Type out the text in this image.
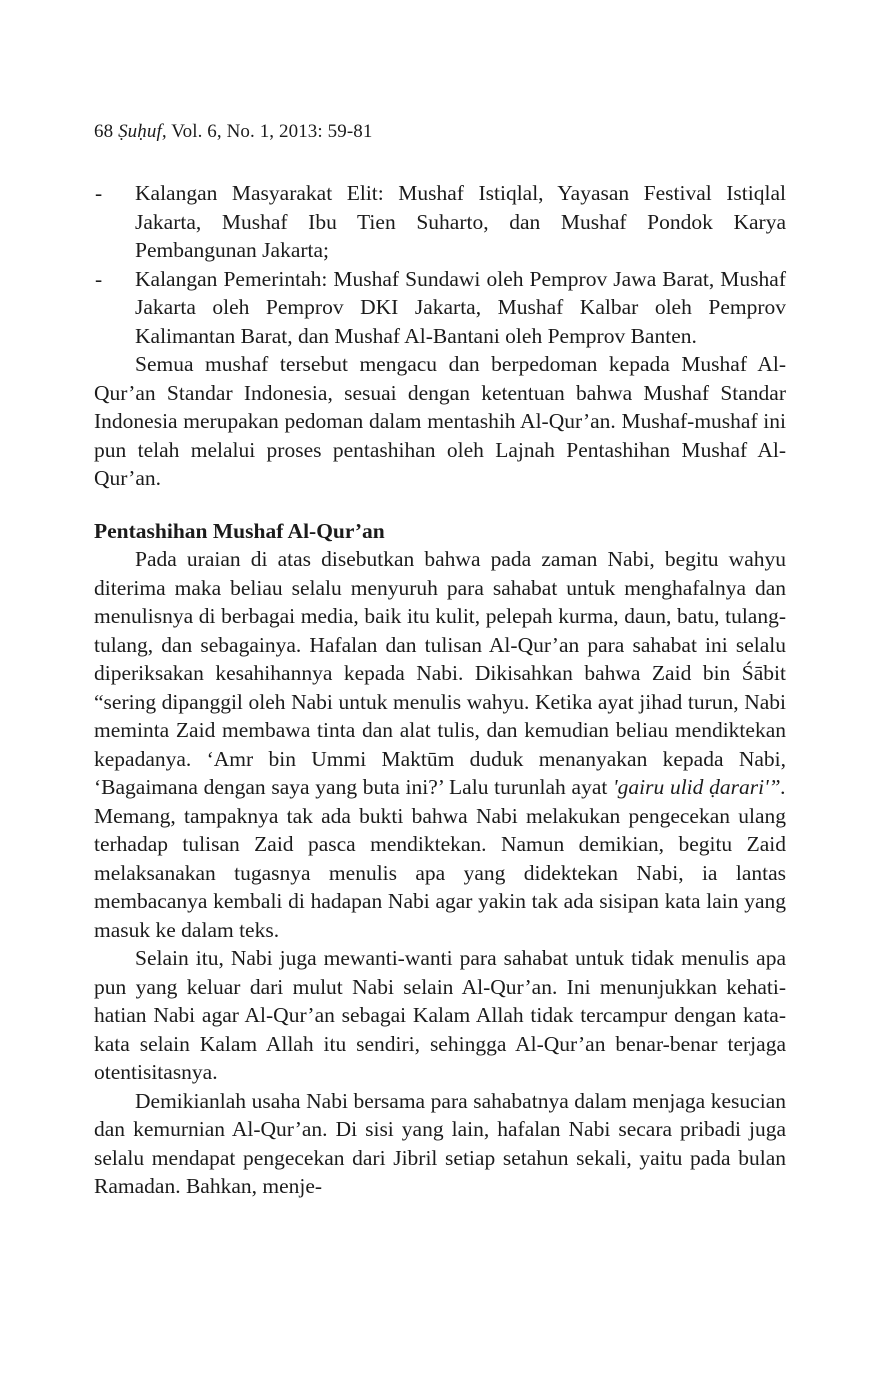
68 Ṣuḥuf, Vol. 6, No. 1, 2013: 59-81
- Kalangan Masyarakat Elit: Mushaf Istiqlal, Yayasan Festival Istiqlal Jakarta, Mushaf Ibu Tien Suharto, dan Mushaf Pondok Karya Pembangunan Jakarta;
- Kalangan Pemerintah: Mushaf Sundawi oleh Pemprov Jawa Barat, Mushaf Jakarta oleh Pemprov DKI Jakarta, Mushaf Kalbar oleh Pemprov Kalimantan Barat, dan Mushaf Al-Bantani oleh Pemprov Banten.

Semua mushaf tersebut mengacu dan berpedoman kepada Mushaf Al-Qur’an Standar Indonesia, sesuai dengan ketentuan bahwa Mushaf Standar Indonesia merupakan pedoman dalam mentashih Al-Qur’an. Mushaf-mushaf ini pun telah melalui proses pentashihan oleh Lajnah Pentashihan Mushaf Al-Qur’an.

Pentashihan Mushaf Al-Qur’an

Pada uraian di atas disebutkan bahwa pada zaman Nabi, begitu wahyu diterima maka beliau selalu menyuruh para sahabat untuk menghafalnya dan menulisnya di berbagai media, baik itu kulit, pelepah kurma, daun, batu, tulang-tulang, dan sebagainya. Hafalan dan tulisan Al-Qur’an para sahabat ini selalu diperiksakan kesahihannya kepada Nabi. Dikisahkan bahwa Zaid bin Śābit “sering dipanggil oleh Nabi untuk menulis wahyu. Ketika ayat jihad turun, Nabi meminta Zaid membawa tinta dan alat tulis, dan kemudian beliau mendiktekan kepadanya. ‘Amr bin Ummi Maktūm duduk menanyakan kepada Nabi, ‘Bagaimana dengan saya yang buta ini?’ Lalu turunlah ayat 'gairu ulid ḍarari'”. Memang, tampaknya tak ada bukti bahwa Nabi melakukan pengecekan ulang terhadap tulisan Zaid pasca mendiktekan. Namun demikian, begitu Zaid melaksanakan tugasnya menulis apa yang didektekan Nabi, ia lantas membacanya kembali di hadapan Nabi agar yakin tak ada sisipan kata lain yang masuk ke dalam teks.

Selain itu, Nabi juga mewanti-wanti para sahabat untuk tidak menulis apa pun yang keluar dari mulut Nabi selain Al-Qur’an. Ini menunjukkan kehati-hatian Nabi agar Al-Qur’an sebagai Kalam Allah tidak tercampur dengan kata-kata selain Kalam Allah itu sendiri, sehingga Al-Qur’an benar-benar terjaga otentisitasnya.

Demikianlah usaha Nabi bersama para sahabatnya dalam menjaga kesucian dan kemurnian Al-Qur’an. Di sisi yang lain, hafalan Nabi secara pribadi juga selalu mendapat pengecekan dari Jibril setiap setahun sekali, yaitu pada bulan Ramadan. Bahkan, menje-
